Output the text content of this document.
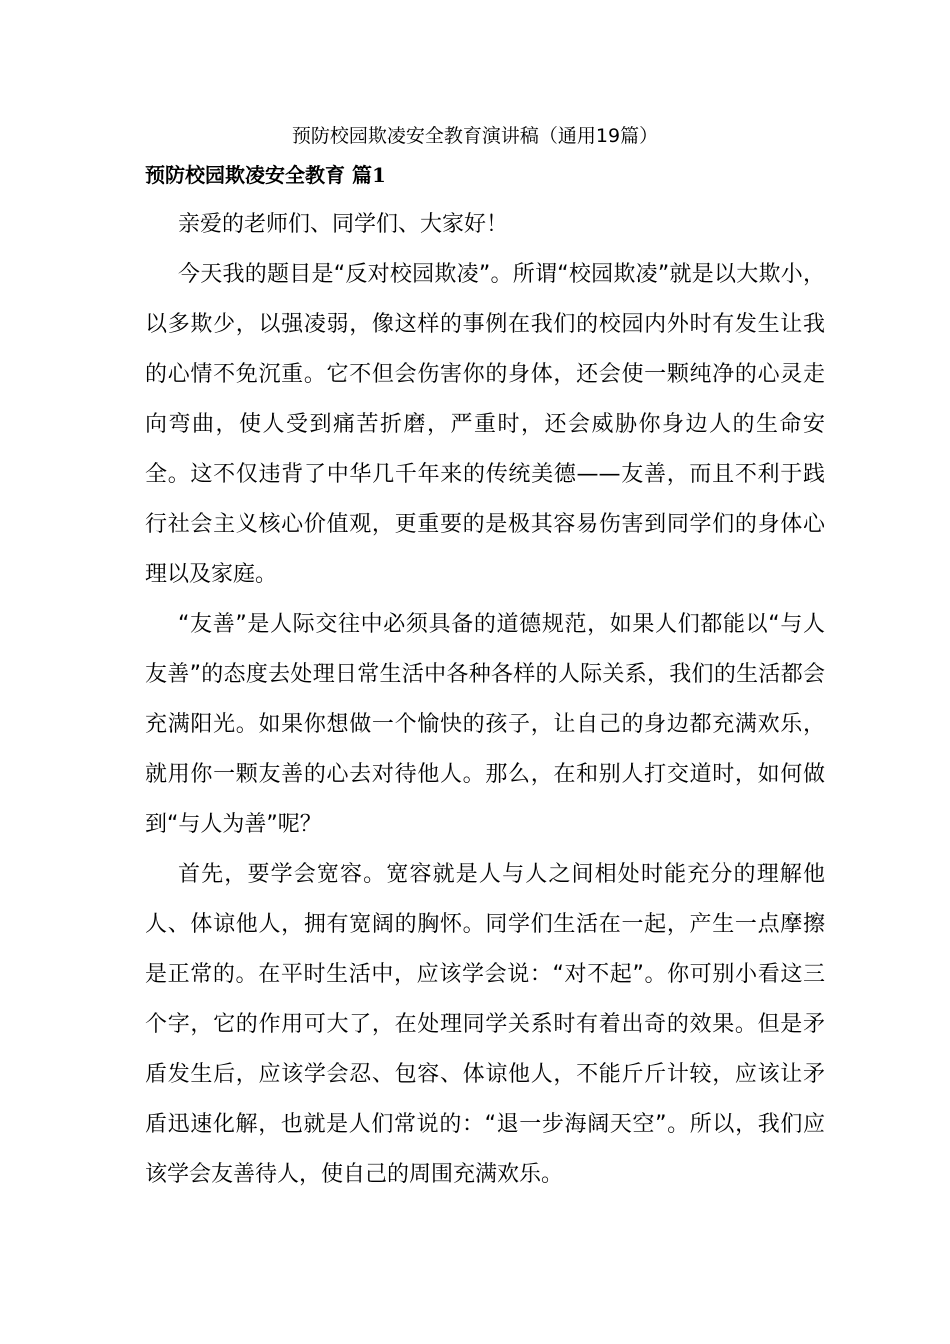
预防校园欺凌安全教育演讲稿（通用19篇）
预防校园欺凌安全教育 篇1

亲爱的老师们、同学们、大家好！

今天我的题目是“反对校园欺凌”。所谓“校园欺凌”就是以大欺小，以多欺少，以强凌弱，像这样的事例在我们的校园内外时有发生让我的心情不免沉重。它不但会伤害你的身体，还会使一颗纯净的心灵走向弯曲，使人受到痛苦折磨，严重时，还会威胁你身边人的生命安全。这不仅违背了中华几千年来的传统美德——友善，而且不利于践行社会主义核心价值观，更重要的是极其容易伤害到同学们的身体心理以及家庭。

“友善”是人际交往中必须具备的道德规范，如果人们都能以“与人友善”的态度去处理日常生活中各种各样的人际关系，我们的生活都会充满阳光。如果你想做一个愉快的孩子，让自己的身边都充满欢乐，就用你一颗友善的心去对待他人。那么，在和别人打交道时，如何做到“与人为善”呢？

首先，要学会宽容。宽容就是人与人之间相处时能充分的理解他人、体谅他人，拥有宽阔的胸怀。同学们生活在一起，产生一点摩擦是正常的。在平时生活中，应该学会说：“对不起”。你可别小看这三个字，它的作用可大了，在处理同学关系时有着出奇的效果。但是矛盾发生后，应该学会忍、包容、体谅他人，不能斤斤计较，应该让矛盾迅速化解，也就是人们常说的：“退一步海阔天空”。所以，我们应该学会友善待人，使自己的周围充满欢乐。
